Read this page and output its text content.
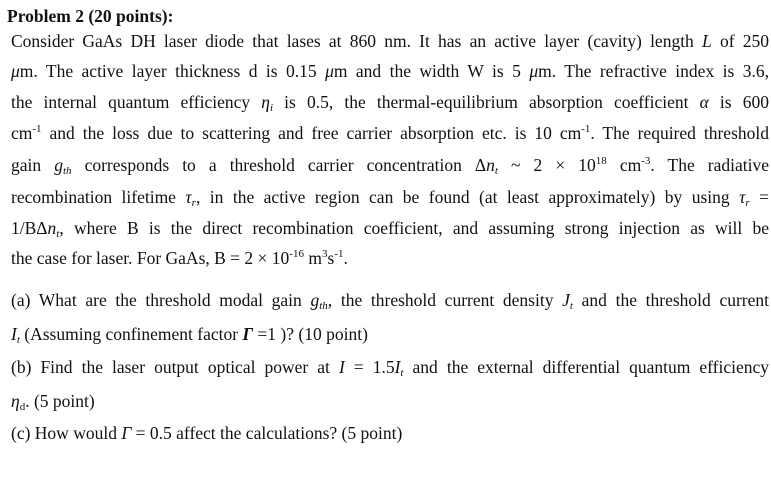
Problem 2 (20 points):
Consider GaAs DH laser diode that lases at 860 nm. It has an active layer (cavity) length L of 250
μm. The active layer thickness d is 0.15 μm and the width W is 5 μm. The refractive index is 3.6,
the internal quantum efficiency $\eta_i$ is 0.5, the thermal-equilibrium absorption coefficient α is 600
$cm^{-1}$ and the loss due to scattering and free carrier absorption etc. is 10 $cm^{-1}$. The required threshold
gain $g_{th}$ corresponds to a threshold carrier concentration $\Delta n_t$ ~ $2 \times 10^{18}$ $cm^{-3}$. The radiative
recombination lifetime $\tau_r$, in the active region can be found (at least approximately) by using $\tau_r$ =
1/BΔn$_t$, where B is the direct recombination coefficient, and assuming strong injection as will be
the case for laser. For GaAs, $B = 2 \times 10^{-16}$ $m^3s^{-1}$.
(a) What are the threshold modal gain $g_{th}$, the threshold current density $J_t$ and the threshold current
$I_t$ (Assuming confinement factor Γ =1 )? (10 point)
(b) Find the laser output optical power at $I = 1.5I_t$ and the external differential quantum efficiency
$\eta_d$. (5 point)
(c) How would Γ = 0.5 affect the calculations? (5 point)
